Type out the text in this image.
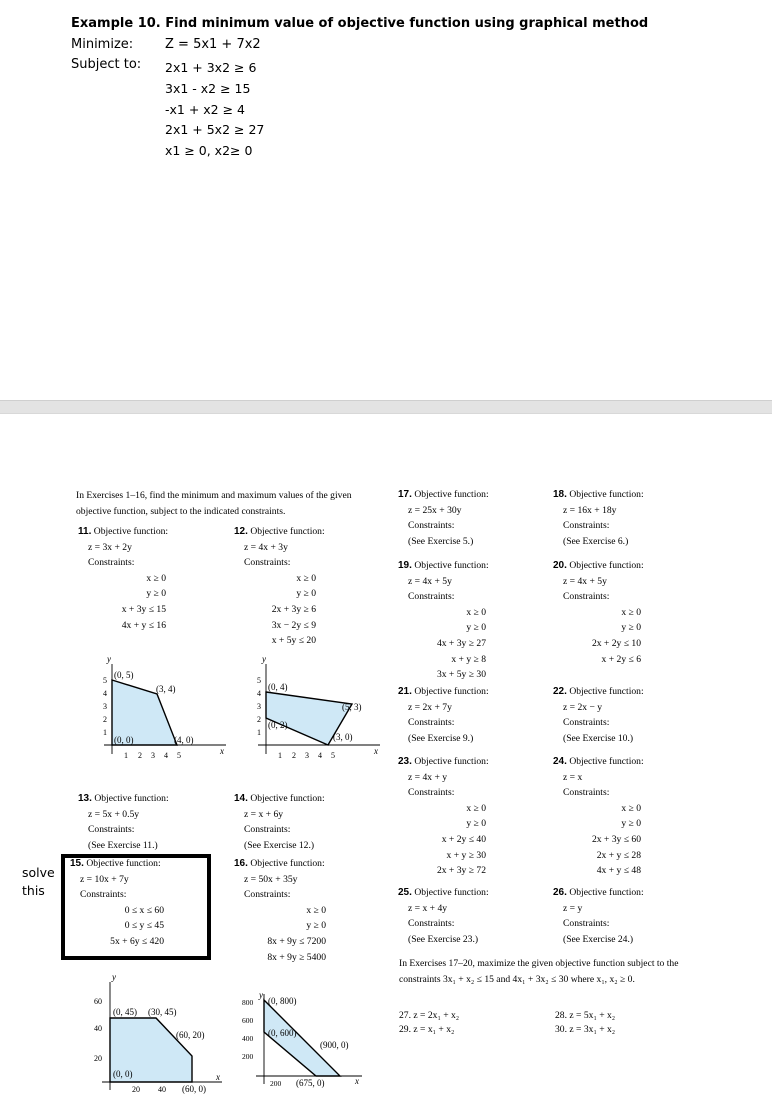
Example 10. Find minimum value of objective function using graphical method
Minimize:	Z = 5x1 + 7x2
Subject to:	2x1 + 3x2 ≥ 6
3x1 - x2 ≥ 15
-x1 + x2 ≥ 4
2x1 + 5x2 ≥ 27
x1 ≥ 0, x2≥ 0
In Exercises 1–16, find the minimum and maximum values of the given objective function, subject to the indicated constraints.
11. Objective function:
z = 3x + 2y
Constraints:
x ≥ 0
y ≥ 0
x + 3y ≤ 15
4x + y ≤ 16
12. Objective function:
z = 4x + 3y
Constraints:
x ≥ 0
y ≥ 0
2x + 3y ≥ 6
3x − 2y ≤ 9
x + 5y ≤ 20
y
x
(0, 5)
(3, 4)
(0, 0)	(4, 0)
1 2 3 4 5
1
2
3
4
5
y
x
(0, 4)
(5, 3)
(0, 2)
(3, 0)
1 2 3 4 5
1
2
3
4
5
13. Objective function:
z = 5x + 0.5y
Constraints:
(See Exercise 11.)
14. Objective function:
z = x + 6y
Constraints:
(See Exercise 12.)
15. Objective function:
z = 10x + 7y
Constraints:
0 ≤ x ≤ 60
0 ≤ y ≤ 45
5x + 6y ≤ 420
16. Objective function:
z = 50x + 35y
Constraints:
x ≥ 0
y ≥ 0
8x + 9y ≤ 7200
8x + 9y ≥ 5400
y
x
(0, 45) (30, 45)
(60, 20)
(0, 0)
(60, 0)
20 40
20
40
60
y
x
(0, 800)
(900, 0)
(0, 600)
(675, 0)
200
200
400
600
800
17. Objective function:
z = 25x + 30y
Constraints:
(See Exercise 5.)
18. Objective function:
z = 16x + 18y
Constraints:
(See Exercise 6.)
19. Objective function:
z = 4x + 5y
Constraints:
x ≥ 0
y ≥ 0
4x + 3y ≥ 27
x + y ≥ 8
3x + 5y ≥ 30
20. Objective function:
z = 4x + 5y
Constraints:
x ≥ 0
y ≥ 0
2x + 2y ≤ 10
x + 2y ≤ 6
21. Objective function:
z = 2x + 7y
Constraints:
(See Exercise 9.)
22. Objective function:
z = 2x − y
Constraints:
(See Exercise 10.)
23. Objective function:
z = 4x + y
Constraints:
x ≥ 0
y ≥ 0
x + 2y ≤ 40
x + y ≥ 30
2x + 3y ≥ 72
24. Objective function:
z = x
Constraints:
x ≥ 0
y ≥ 0
2x + 3y ≤ 60
2x + y ≤ 28
4x + y ≤ 48
25. Objective function:
z = x + 4y
Constraints:
(See Exercise 23.)
26. Objective function:
z = y
Constraints:
(See Exercise 24.)
In Exercises 17–20, maximize the given objective function subject to the constraints 3x₁ + x₂ ≤ 15 and 4x₁ + 3x₂ ≤ 30 where x₁, x₂ ≥ 0.
27. z = 2x₁ + x₂
29. z = x₁ + x₂
28. z = 5x₁ + x₂
30. z = 3x₁ + x₂
solve
this
